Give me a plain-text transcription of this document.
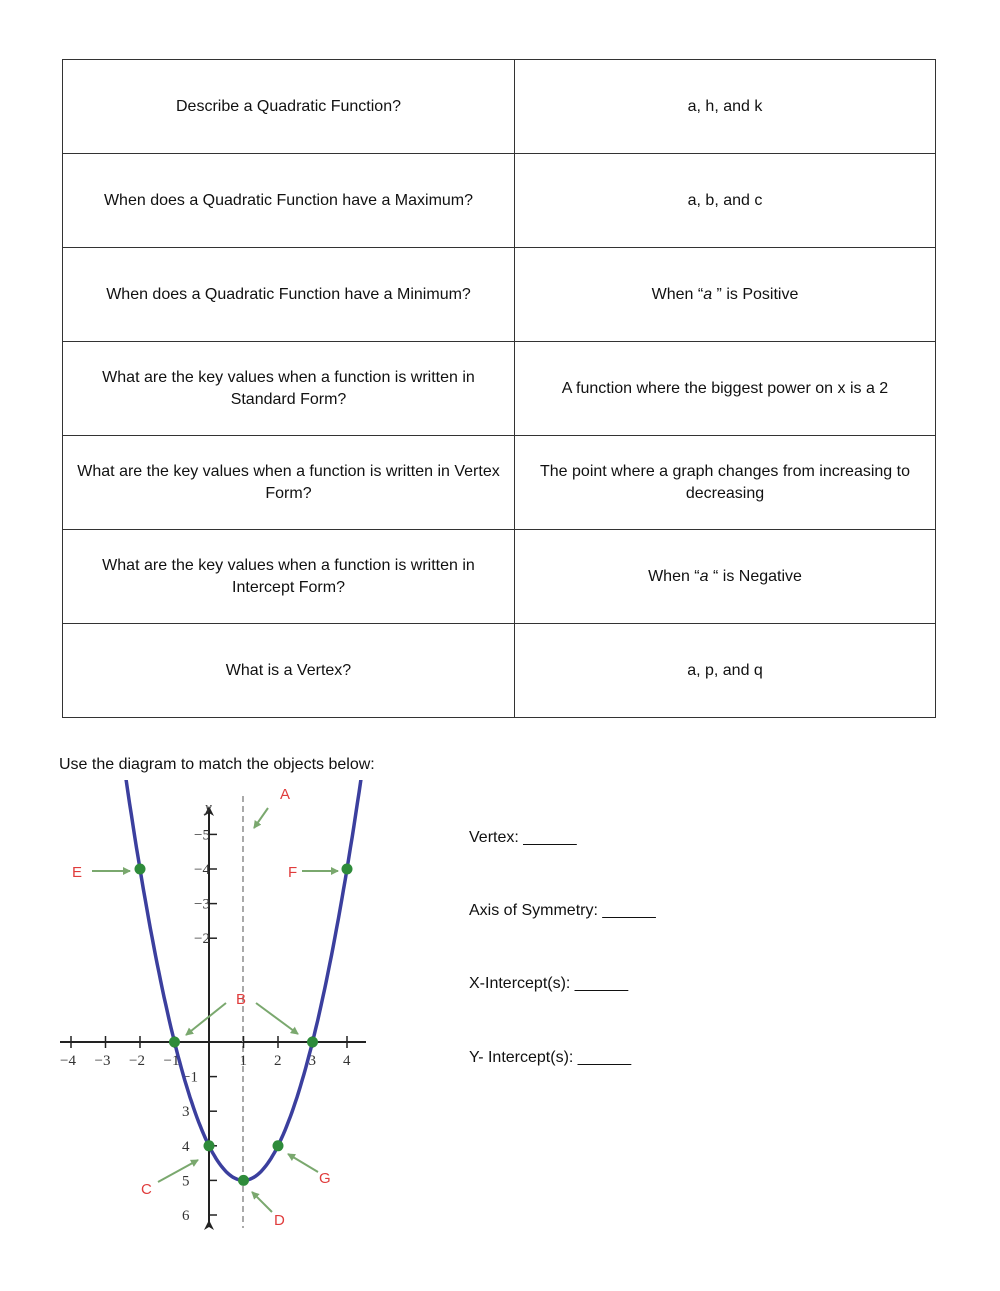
Describe a Quadratic Function?	a, h, and k
When does a Quadratic Function have a Maximum?	a, b, and c
When does a Quadratic Function have a Minimum?	When “a ” is Positive
What are the key values when a function is written in Standard Form?	A function where the biggest power on x is a 2
What are the key values when a function is written in Vertex Form?	The point where a graph changes from increasing to decreasing
What are the key values when a function is written in Intercept Form?	When “a “ is Negative
What is a Vertex?	a, p, and q
Use the diagram to match the objects below:
Vertex: ______
Axis of Symmetry: ______
X-Intercept(s): ______
Y- Intercept(s): ______
y
−4 −3 −2 −1	1 2 3 4
6
5
4
3
−1
−2
−3
−4
−5
A
E	F
B
C
G
D
